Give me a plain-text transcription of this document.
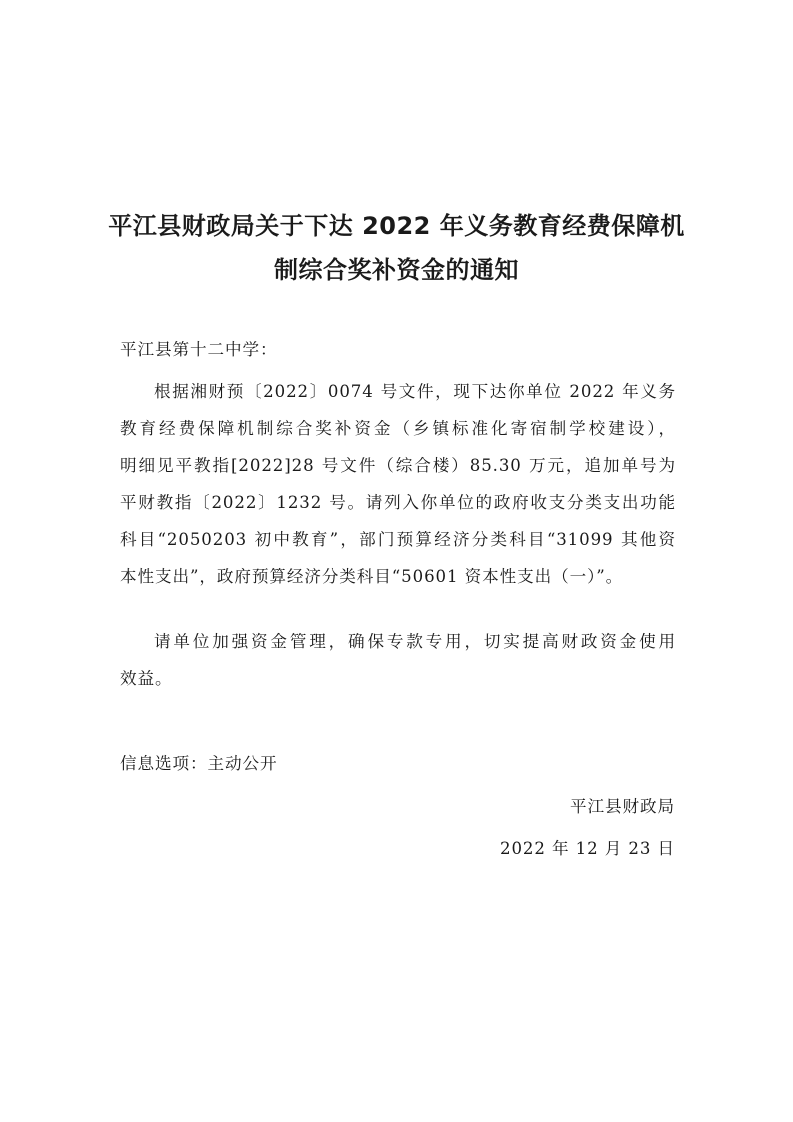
平江县财政局关于下达 2022 年义务教育经费保障机
制综合奖补资金的通知
平江县第十二中学：
根据湘财预〔2022〕0074 号文件，现下达你单位 2022 年义务
教育经费保障机制综合奖补资金（乡镇标准化寄宿制学校建设），
明细见平教指[2022]28 号文件（综合楼）85.30 万元，追加单号为
平财教指〔2022〕1232 号。请列入你单位的政府收支分类支出功能
科目“2050203 初中教育”，部门预算经济分类科目“31099 其他资
本性支出”，政府预算经济分类科目“50601 资本性支出（一）”。
请单位加强资金管理，确保专款专用，切实提高财政资金使用
效益。
信息选项：主动公开
平江县财政局
2022 年 12 月 23 日
